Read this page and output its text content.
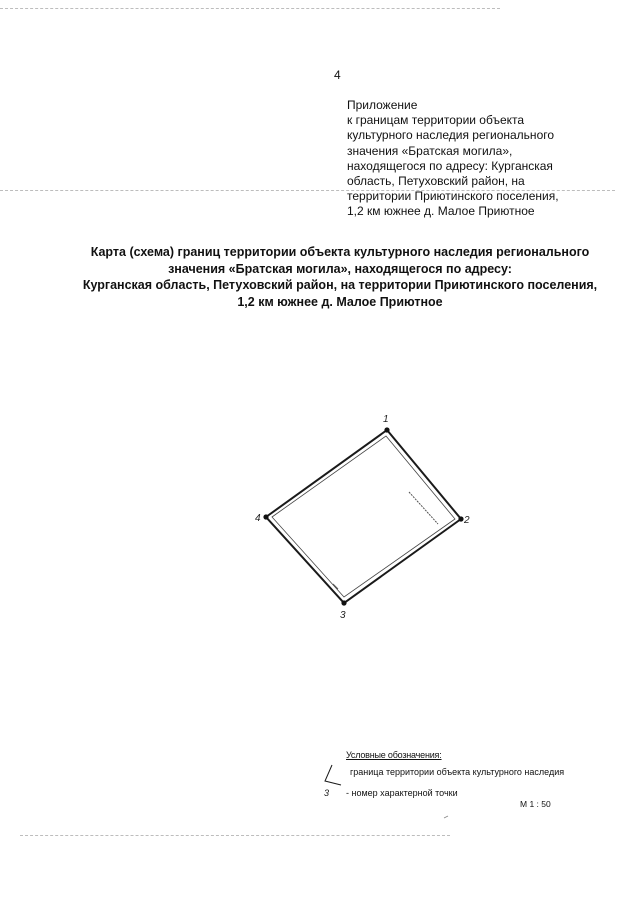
4
Приложение
к границам территории объекта
культурного наследия регионального
значения «Братская могила»,
находящегося по адресу: Курганская
область, Петуховский район, на
территории Приютинского поселения,
1,2 км южнее д. Малое Приютное
Карта (схема) границ территории объекта культурного наследия регионального
значения «Братская могила», находящегося по адресу:
Курганская область, Петуховский район, на территории Приютинского поселения,
1,2 км южнее д. Малое Приютное
1
2
3
4
Условные обозначения:
граница территории объекта культурного наследия
3 - номер характерной точки
М 1 : 50
